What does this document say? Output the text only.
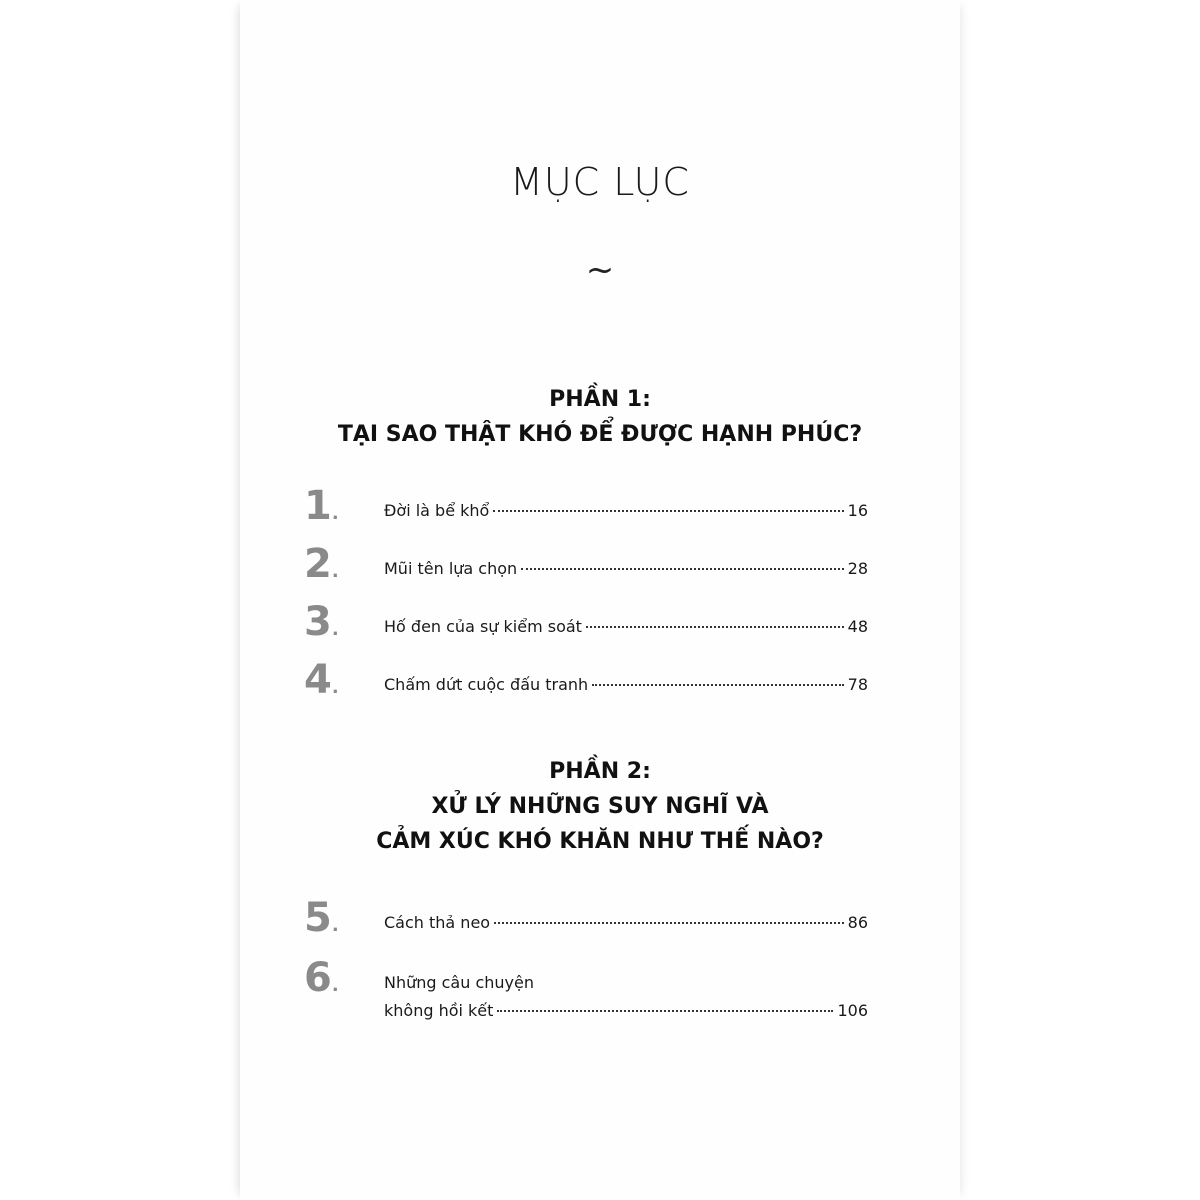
MỤC LỤC
~
PHẦN 1:
TẠI SAO THẬT KHÓ ĐỂ ĐƯỢC HẠNH PHÚC?
1.	Đời là bể khổ	16
2.	Mũi tên lựa chọn	28
3.	Hố đen của sự kiểm soát	48
4.	Chấm dứt cuộc đấu tranh	78
PHẦN 2:
XỬ LÝ NHỮNG SUY NGHĨ VÀ
CẢM XÚC KHÓ KHĂN NHƯ THẾ NÀO?
5.	Cách thả neo	86
6.	Những câu chuyện
không hồi kết	106
